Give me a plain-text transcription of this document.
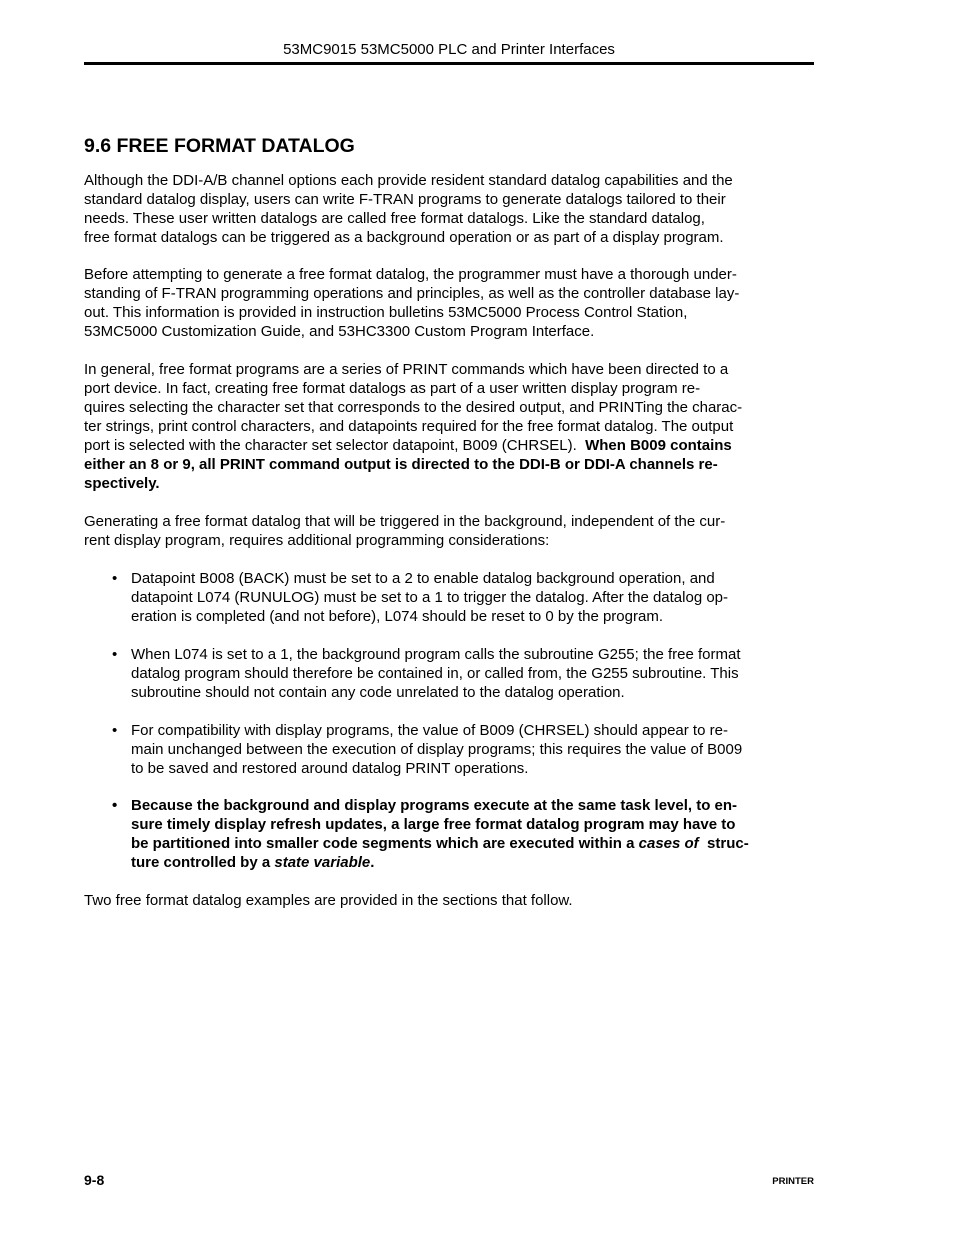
53MC9015 53MC5000 PLC and Printer Interfaces
9.6 FREE FORMAT DATALOG

Although the DDI-A/B channel options each provide resident standard datalog capabilities and the
standard datalog display, users can write F-TRAN programs to generate datalogs tailored to their
needs. These user written datalogs are called free format datalogs. Like the standard datalog,
free format datalogs can be triggered as a background operation or as part of a display program.

Before attempting to generate a free format datalog, the programmer must have a thorough under-
standing of F-TRAN programming operations and principles, as well as the controller database lay-
out. This information is provided in instruction bulletins 53MC5000 Process Control Station,
53MC5000 Customization Guide, and 53HC3300 Custom Program Interface.

In general, free format programs are a series of PRINT commands which have been directed to a
port device. In fact, creating free format datalogs as part of a user written display program re-
quires selecting the character set that corresponds to the desired output, and PRINTing the charac-
ter strings, print control characters, and datapoints required for the free format datalog. The output
port is selected with the character set selector datapoint, B009 (CHRSEL).  When B009 contains
either an 8 or 9, all PRINT command output is directed to the DDI-B or DDI-A channels re-
spectively.

Generating a free format datalog that will be triggered in the background, independent of the cur-
rent display program, requires additional programming considerations:

• Datapoint B008 (BACK) must be set to a 2 to enable datalog background operation, and
datapoint L074 (RUNULOG) must be set to a 1 to trigger the datalog. After the datalog op-
eration is completed (and not before), L074 should be reset to 0 by the program.

• When L074 is set to a 1, the background program calls the subroutine G255; the free format
datalog program should therefore be contained in, or called from, the G255 subroutine. This
subroutine should not contain any code unrelated to the datalog operation.

• For compatibility with display programs, the value of B009 (CHRSEL) should appear to re-
main unchanged between the execution of display programs; this requires the value of B009
to be saved and restored around datalog PRINT operations.

• Because the background and display programs execute at the same task level, to en-
sure timely display refresh updates, a large free format datalog program may have to
be partitioned into smaller code segments which are executed within a cases of  struc-
ture controlled by a state variable.

Two free format datalog examples are provided in the sections that follow.

9-8	PRINTER
